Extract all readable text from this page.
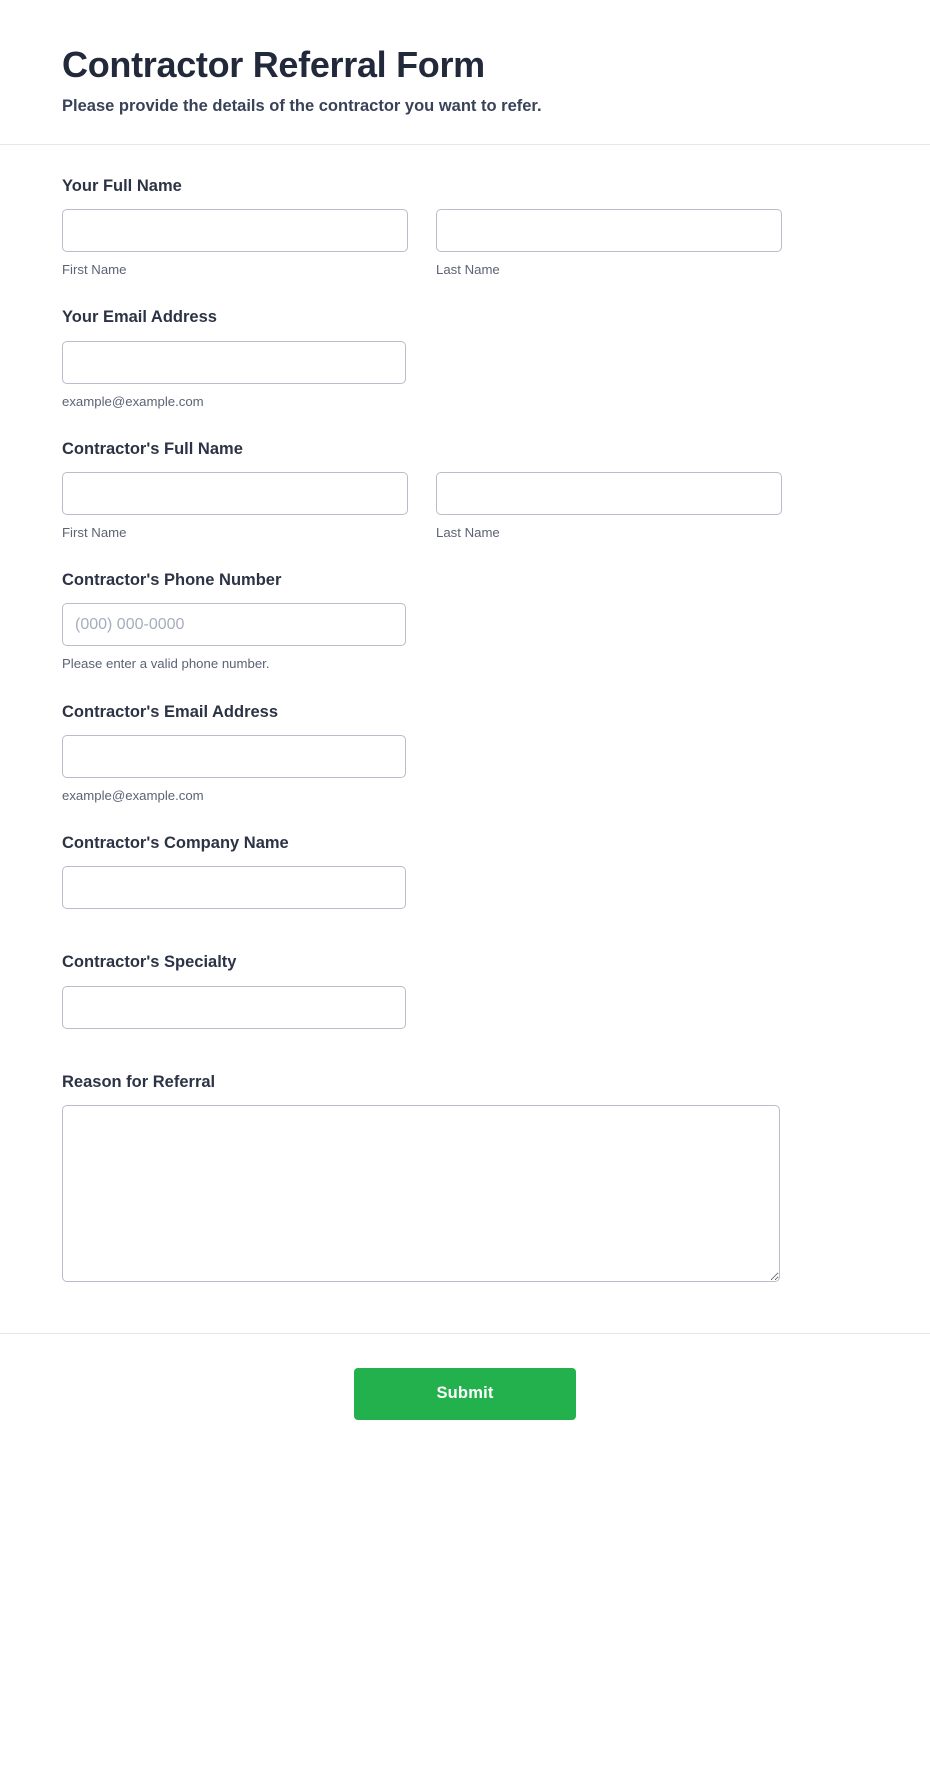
Contractor Referral Form

Please provide the details of the contractor you want to refer.

Your Full Name
First Name	Last Name
Your Email Address
example@example.com
Contractor's Full Name
First Name	Last Name
Contractor's Phone Number
(000) 000-0000
Please enter a valid phone number.
Contractor's Email Address
example@example.com
Contractor's Company Name
Contractor's Specialty
Reason for Referral
Submit
